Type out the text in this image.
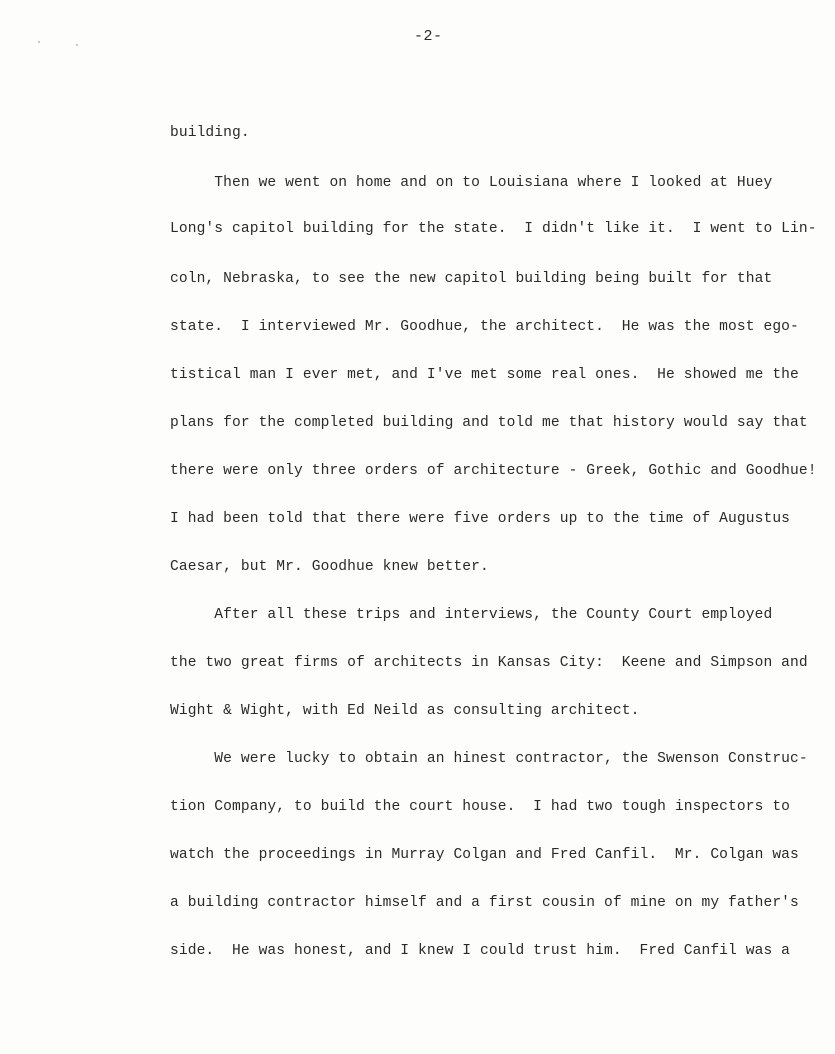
-2-
building.
Then we went on home and on to Louisiana where I looked at Huey
Long's capitol building for the state.  I didn't like it.  I went to Lin-
coln, Nebraska, to see the new capitol building being built for that
state.  I interviewed Mr. Goodhue, the architect.  He was the most ego-
tistical man I ever met, and I've met some real ones.  He showed me the
plans for the completed building and told me that history would say that
there were only three orders of architecture - Greek, Gothic and Goodhue!
I had been told that there were five orders up to the time of Augustus
Caesar, but Mr. Goodhue knew better.
After all these trips and interviews, the County Court employed
the two great firms of architects in Kansas City:  Keene and Simpson and
Wight & Wight, with Ed Neild as consulting architect.
We were lucky to obtain an hinest contractor, the Swenson Construc-
tion Company, to build the court house.  I had two tough inspectors to
watch the proceedings in Murray Colgan and Fred Canfil.  Mr. Colgan was
a building contractor himself and a first cousin of mine on my father's
side.  He was honest, and I knew I could trust him.  Fred Canfil was a
